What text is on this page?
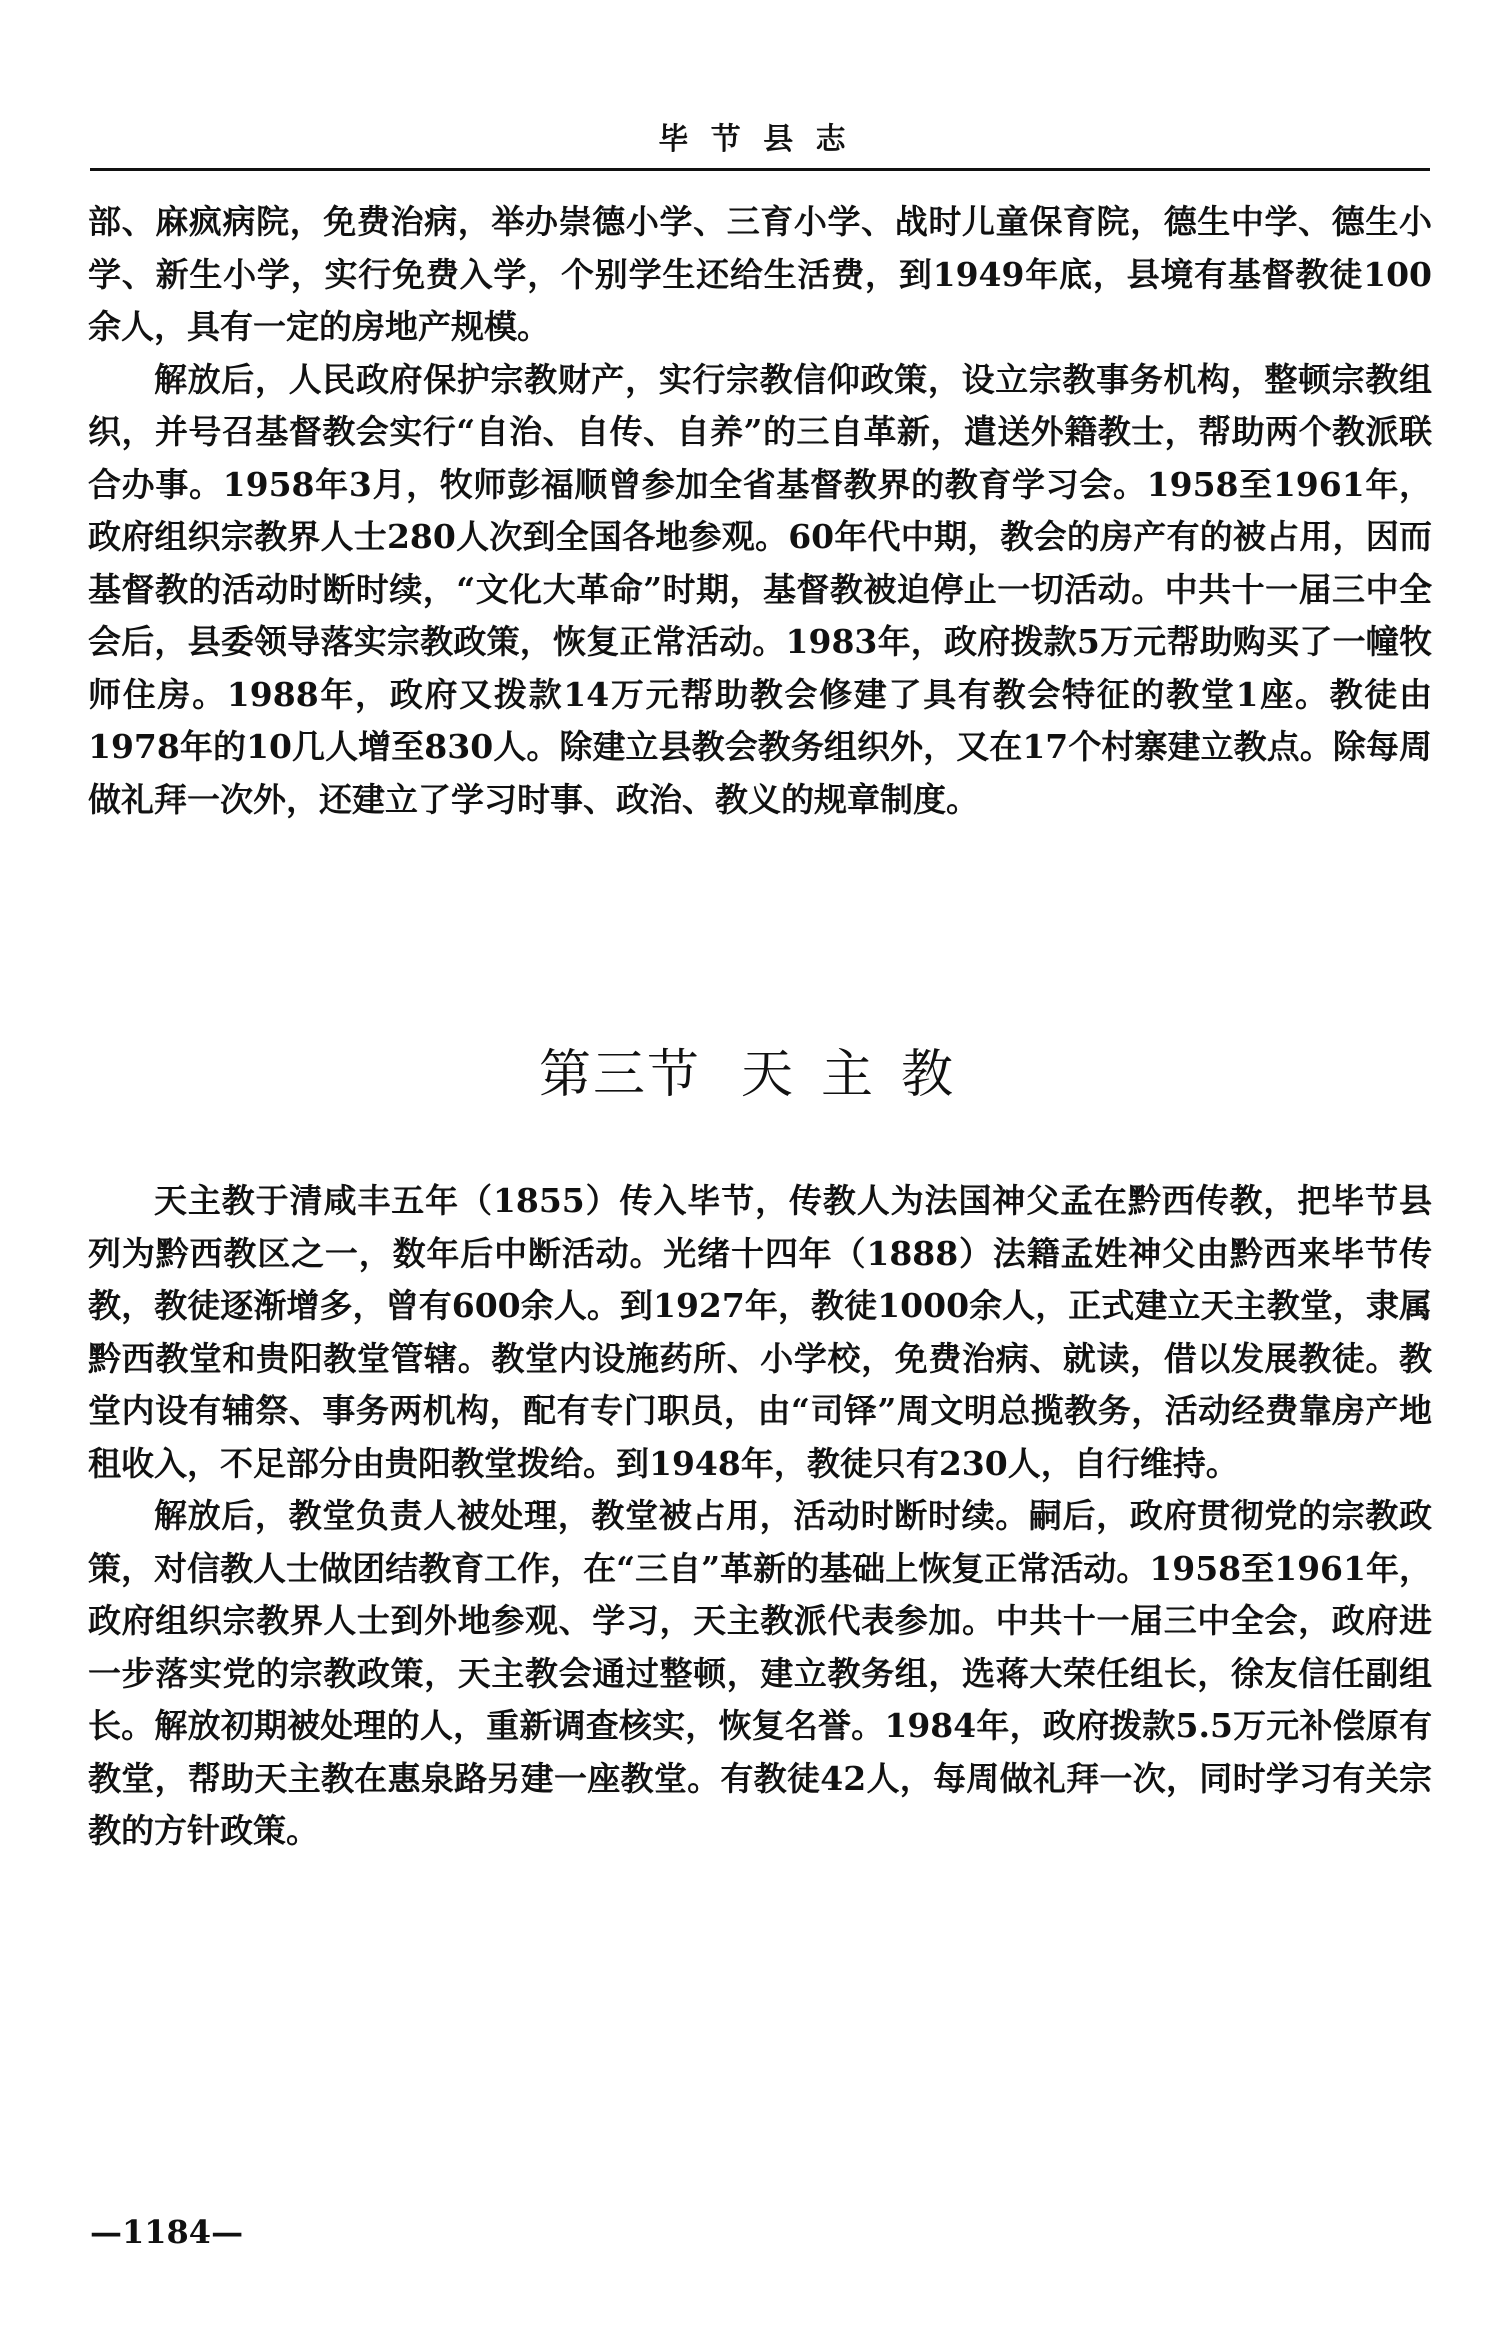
毕 节 县 志

部、麻疯病院，免费治病，举办崇德小学、三育小学、战时儿童保育院，德生中学、德生小学、新生小学，实行免费入学，个别学生还给生活费，到1949年底，县境有基督教徒100余人，具有一定的房地产规模。

解放后，人民政府保护宗教财产，实行宗教信仰政策，设立宗教事务机构，整顿宗教组织，并号召基督教会实行“自治、自传、自养”的三自革新，遣送外籍教士，帮助两个教派联合办事。1958年3月，牧师彭福顺曾参加全省基督教界的教育学习会。1958至1961年，政府组织宗教界人士280人次到全国各地参观。60年代中期，教会的房产有的被占用，因而基督教的活动时断时续，“文化大革命”时期，基督教被迫停止一切活动。中共十一届三中全会后，县委领导落实宗教政策，恢复正常活动。1983年，政府拨款5万元帮助购买了一幢牧师住房。1988年，政府又拨款14万元帮助教会修建了具有教会特征的教堂1座。教徒由1978年的10几人增至830人。除建立县教会教务组织外，又在17个村寨建立教点。除每周做礼拜一次外，还建立了学习时事、政治、教义的规章制度。

第三节 天主教

天主教于清咸丰五年（1855）传入毕节，传教人为法国神父孟在黔西传教，把毕节县列为黔西教区之一，数年后中断活动。光绪十四年（1888）法籍孟姓神父由黔西来毕节传教，教徒逐渐增多，曾有600余人。到1927年，教徒1000余人，正式建立天主教堂，隶属黔西教堂和贵阳教堂管辖。教堂内设施药所、小学校，免费治病、就读，借以发展教徒。教堂内设有辅祭、事务两机构，配有专门职员，由“司铎”周文明总揽教务，活动经费靠房产地租收入，不足部分由贵阳教堂拨给。到1948年，教徒只有230人，自行维持。

解放后，教堂负责人被处理，教堂被占用，活动时断时续。嗣后，政府贯彻党的宗教政策，对信教人士做团结教育工作，在“三自”革新的基础上恢复正常活动。1958至1961年，政府组织宗教界人士到外地参观、学习，天主教派代表参加。中共十一届三中全会，政府进一步落实党的宗教政策，天主教会通过整顿，建立教务组，选蒋大荣任组长，徐友信任副组长。解放初期被处理的人，重新调查核实，恢复名誉。1984年，政府拨款5.5万元补偿原有教堂，帮助天主教在惠泉路另建一座教堂。有教徒42人，每周做礼拜一次，同时学习有关宗教的方针政策。

—1184—
